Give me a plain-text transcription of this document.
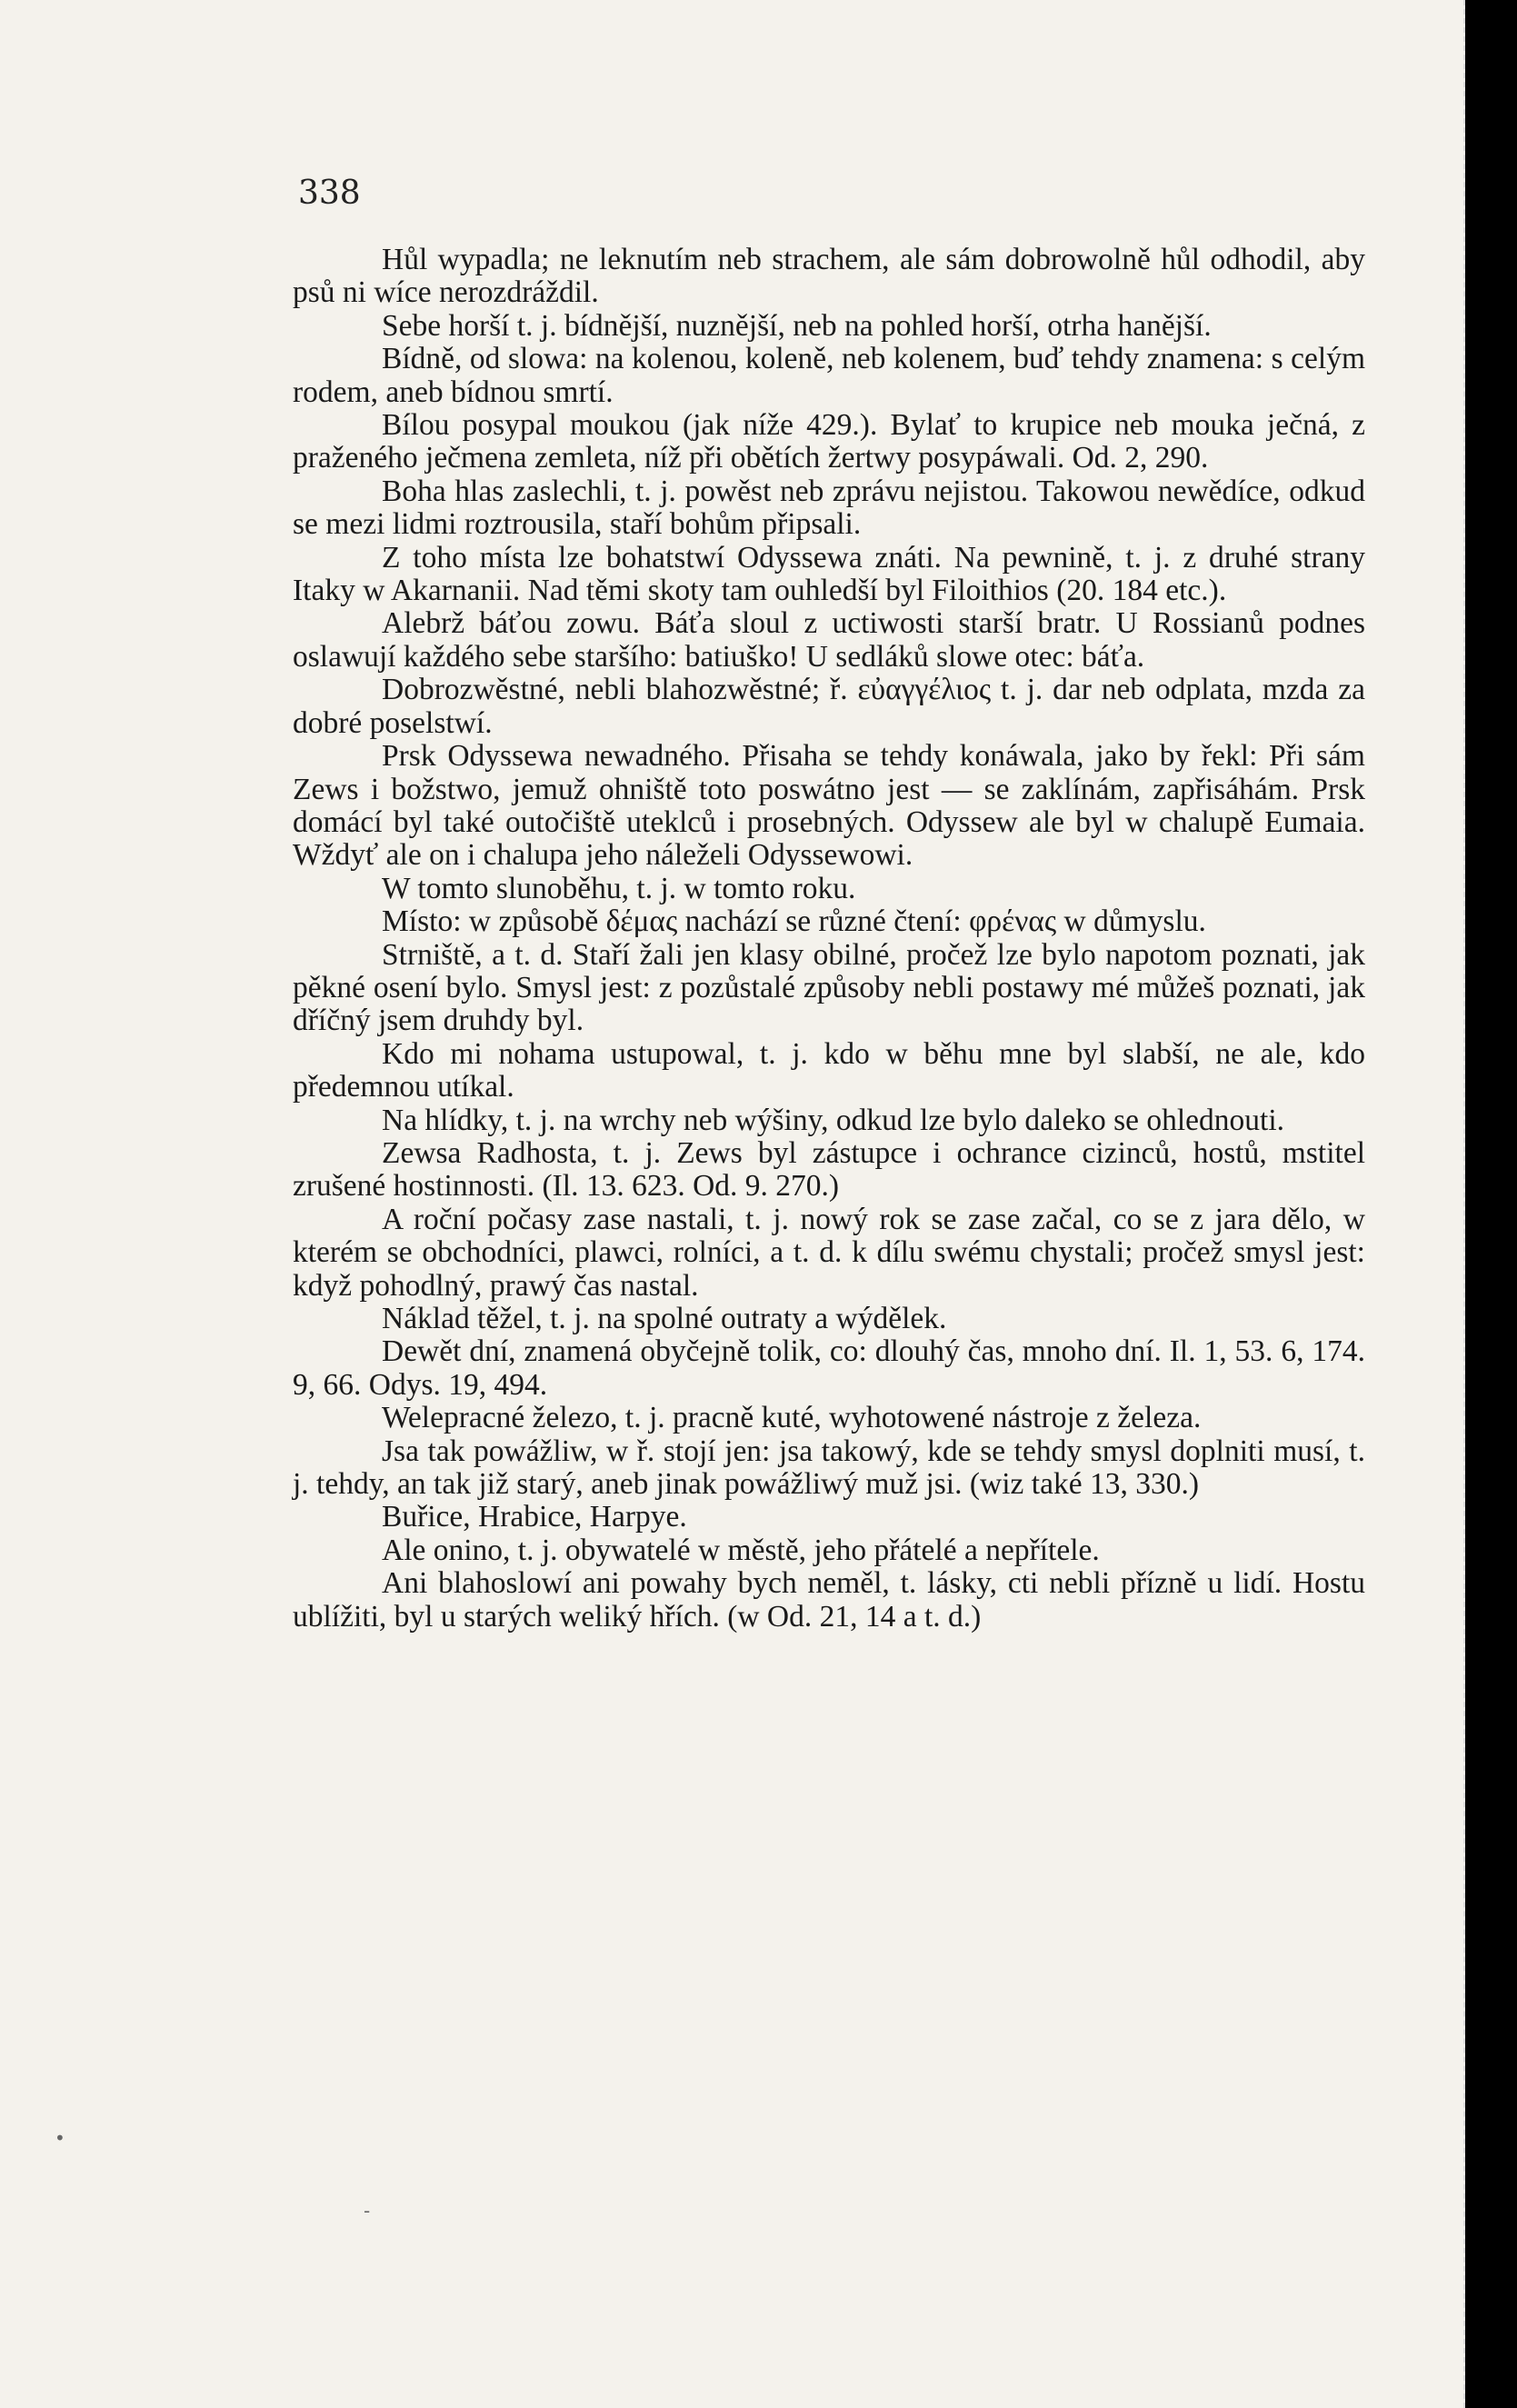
338

Hůl wypadla; ne leknutím neb strachem, ale sám dobrowolně hůl odhodil, aby psů ni wíce nerozdráždil.

Sebe horší t. j. bídnější, nuznější, neb na pohled horší, otrha hanější.

Bídně, od slowa: na kolenou, koleně, neb kolenem, buď tehdy znamena: s celým rodem, aneb bídnou smrtí.

Bílou posypal moukou (jak níže 429.). Bylať to krupice neb mouka ječná, z praženého ječmena zemleta, níž při obětích žertwy posypáwali. Od. 2, 290.

Boha hlas zaslechli, t. j. powěst neb zprávu nejistou. Takowou newědíce, odkud se mezi lidmi roztrousila, staří bohům připsali.

Z toho místa lze bohatstwí Odyssewa znáti. Na pewnině, t. j. z druhé strany Itaky w Akarnanii. Nad těmi skoty tam ouhledší byl Filoithios (20. 184 etc.).

Alebrž báťou zowu. Báťa sloul z uctiwosti starší bratr. U Rossianů podnes oslawují každého sebe staršího: batiuško! U sedláků slowe otec: báťa.

Dobrozwěstné, nebli blahozwěstné; ř. εὐαγγέλιος t. j. dar neb odplata, mzda za dobré poselstwí.

Prsk Odyssewa newadného. Přisaha se tehdy konáwala, jako by řekl: Při sám Zews i božstwo, jemuž ohniště toto poswátno jest — se zaklínám, zapřisáhám. Prsk domácí byl také outočiště uteklců i prosebných. Odyssew ale byl w chalupě Eumaia. Wždyť ale on i chalupa jeho náleželi Odyssewowi.

W tomto slunoběhu, t. j. w tomto roku.

Místo: w způsobě δέμας nachází se různé čtení: φρένας w důmyslu.

Strniště, a t. d. Staří žali jen klasy obilné, pročež lze bylo napotom poznati, jak pěkné osení bylo. Smysl jest: z pozůstalé způsoby nebli postawy mé můžeš poznati, jak dříčný jsem druhdy byl.

Kdo mi nohama ustupowal, t. j. kdo w běhu mne byl slabší, ne ale, kdo předemnou utíkal.

Na hlídky, t. j. na wrchy neb wýšiny, odkud lze bylo daleko se ohlednouti.

Zewsa Radhosta, t. j. Zews byl zástupce i ochrance cizinců, hostů, mstitel zrušené hostinnosti. (Il. 13. 623. Od. 9. 270.)

A roční počasy zase nastali, t. j. nowý rok se zase začal, co se z jara dělo, w kterém se obchodníci, plawci, rolníci, a t. d. k dílu swému chystali; pročež smysl jest: když pohodlný, prawý čas nastal.

Náklad těžel, t. j. na spolné outraty a wýdělek.

Dewět dní, znamená obyčejně tolik, co: dlouhý čas, mnoho dní. Il. 1, 53. 6, 174. 9, 66. Odys. 19, 494.

Welepracné železo, t. j. pracně kuté, wyhotowené nástroje z železa.

Jsa tak powážliw, w ř. stojí jen: jsa takowý, kde se tehdy smysl doplniti musí, t. j. tehdy, an tak již starý, aneb jinak powážliwý muž jsi. (wiz také 13, 330.)

Buřice, Hrabice, Harpye.

Ale onino, t. j. obywatelé w městě, jeho přátelé a nepřítele.

Ani blahoslowí ani powahy bych neměl, t. lásky, cti nebli přízně u lidí. Hostu ublížiti, byl u starých weliký hřích. (w Od. 21, 14 a t. d.)

•
-
